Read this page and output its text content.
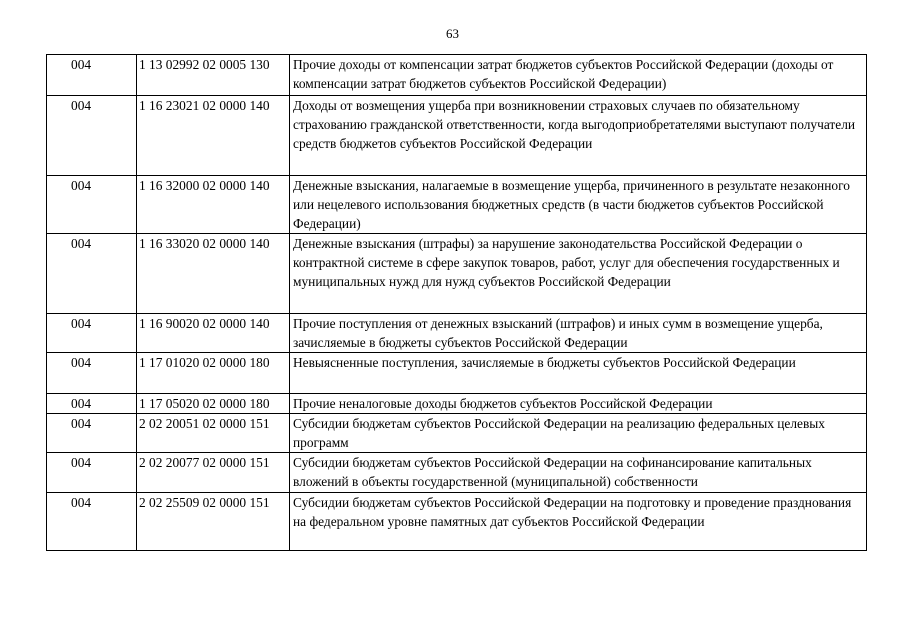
63
004	1 13 02992 02 0005 130	Прочие доходы от компенсации затрат бюджетов субъектов Российской Федерации (доходы от компенсации затрат бюджетов субъектов Российской Федерации)
004	1 16 23021 02 0000 140	Доходы от возмещения ущерба при возникновении страховых случаев по обязательному страхованию гражданской ответственности, когда выгодоприобретателями выступают получатели средств бюджетов субъектов Российской Федерации
004	1 16 32000 02 0000 140	Денежные взыскания, налагаемые в возмещение ущерба, причиненного в результате незаконного или нецелевого использования бюджетных средств (в части бюджетов субъектов Российской Федерации)
004	1 16 33020 02 0000 140	Денежные взыскания (штрафы) за нарушение законодательства Российской Федерации о контрактной системе в сфере закупок товаров, работ, услуг для обеспечения государственных и муниципальных нужд для нужд субъектов Российской Федерации
004	1 16 90020 02 0000 140	Прочие поступления от денежных взысканий (штрафов) и иных сумм в возмещение ущерба, зачисляемые в бюджеты субъектов Российской Федерации
004	1 17 01020 02 0000 180	Невыясненные поступления, зачисляемые в бюджеты субъектов Российской Федерации
004	1 17 05020 02 0000 180	Прочие неналоговые доходы бюджетов субъектов Российской Федерации
004	2 02 20051 02 0000 151	Субсидии бюджетам субъектов Российской Федерации на реализацию федеральных целевых программ
004	2 02 20077 02 0000 151	Субсидии бюджетам субъектов Российской Федерации на софинансирование капитальных вложений в объекты государственной (муниципальной) собственности
004	2 02 25509 02 0000 151	Субсидии бюджетам субъектов Российской Федерации на подготовку и проведение празднования на федеральном уровне памятных дат субъектов Российской Федерации
